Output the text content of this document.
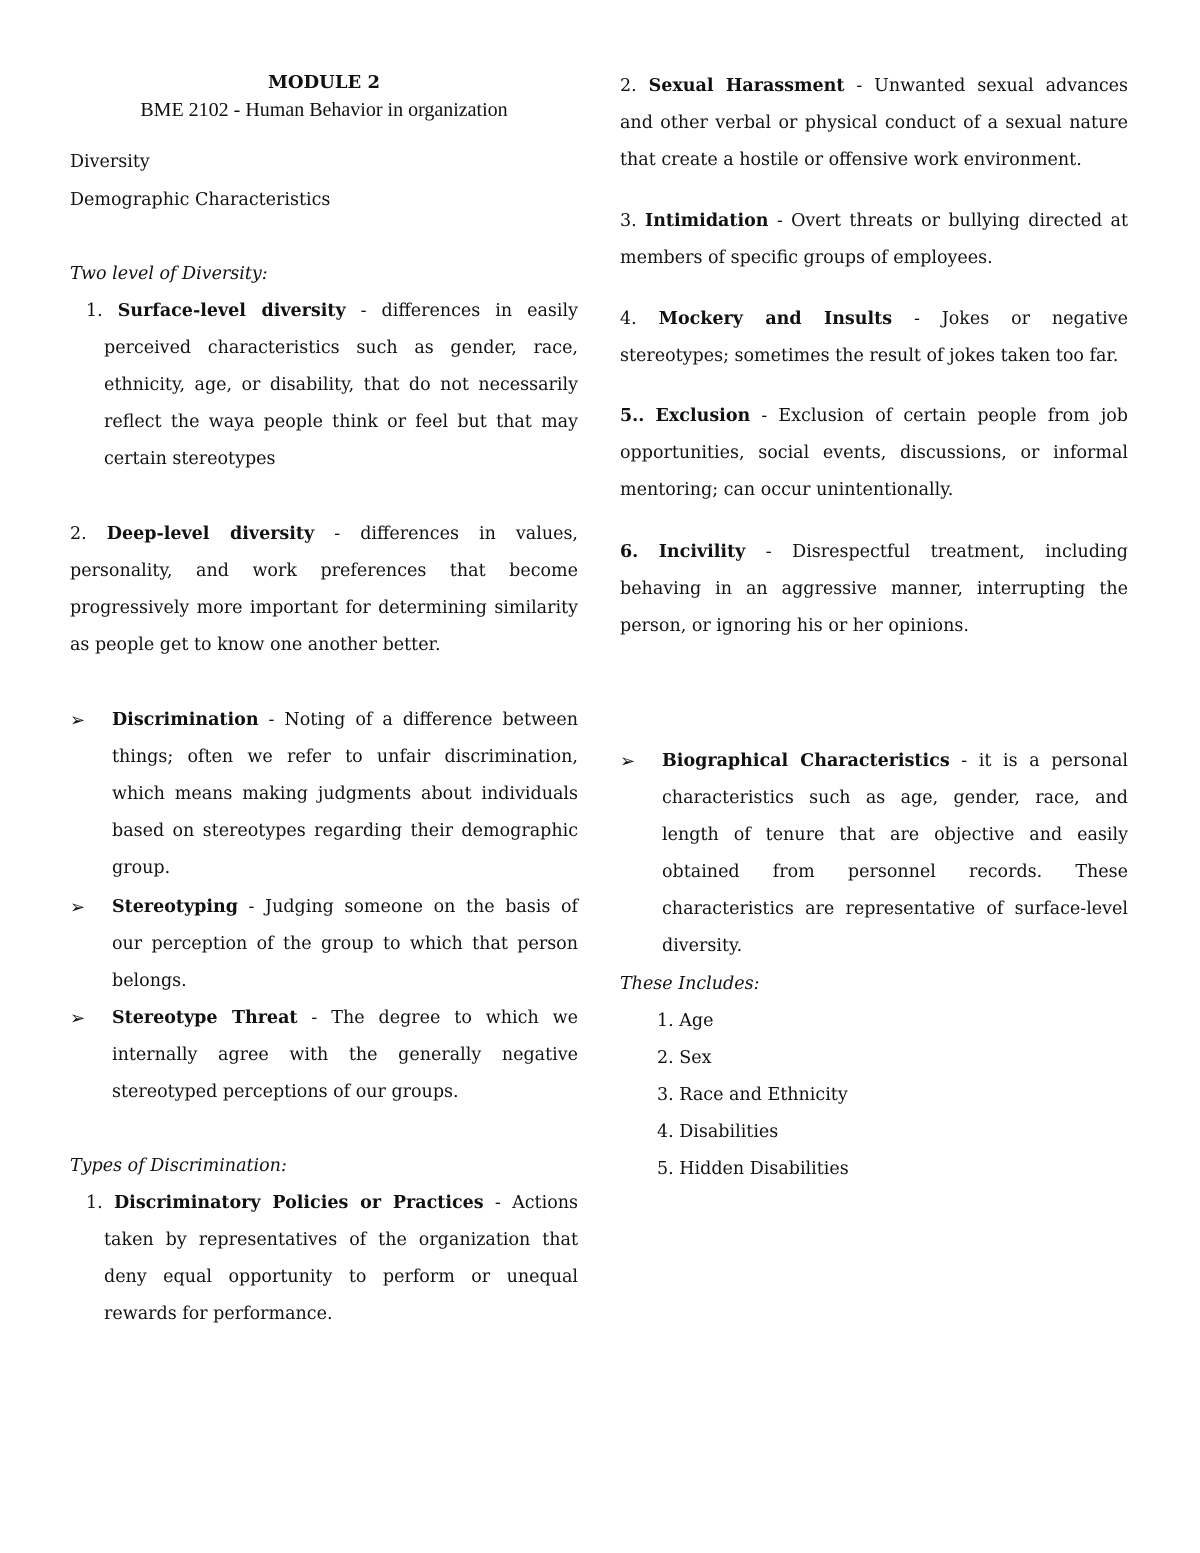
MODULE 2
BME 2102 - Human Behavior in organization
Diversity
Demographic Characteristics
Two level of Diversity:
1. Surface-level diversity - differences in easily perceived characteristics such as gender, race, ethnicity, age, or disability, that do not necessarily reflect the waya people think or feel but that may certain stereotypes
2. Deep-level diversity - differences in values, personality, and work preferences that become progressively more important for determining similarity as people get to know one another better.
➢ Discrimination - Noting of a difference between things; often we refer to unfair discrimination, which means making judgments about individuals based on stereotypes regarding their demographic group.
➢ Stereotyping - Judging someone on the basis of our perception of the group to which that person belongs.
➢ Stereotype Threat - The degree to which we internally agree with the generally negative stereotyped perceptions of our groups.
Types of Discrimination:
1. Discriminatory Policies or Practices - Actions taken by representatives of the organization that deny equal opportunity to perform or unequal rewards for performance.
2. Sexual Harassment - Unwanted sexual advances and other verbal or physical conduct of a sexual nature that create a hostile or offensive work environment.
3. Intimidation - Overt threats or bullying directed at members of specific groups of employees.
4. Mockery and Insults - Jokes or negative stereotypes; sometimes the result of jokes taken too far.
5.. Exclusion - Exclusion of certain people from job opportunities, social events, discussions, or informal mentoring; can occur unintentionally.
6. Incivility - Disrespectful treatment, including behaving in an aggressive manner, interrupting the person, or ignoring his or her opinions.
➢ Biographical Characteristics - it is a personal characteristics such as age, gender, race, and length of tenure that are objective and easily obtained from personnel records. These characteristics are representative of surface-level diversity.
These Includes:
1. Age
2. Sex
3. Race and Ethnicity
4. Disabilities
5. Hidden Disabilities
